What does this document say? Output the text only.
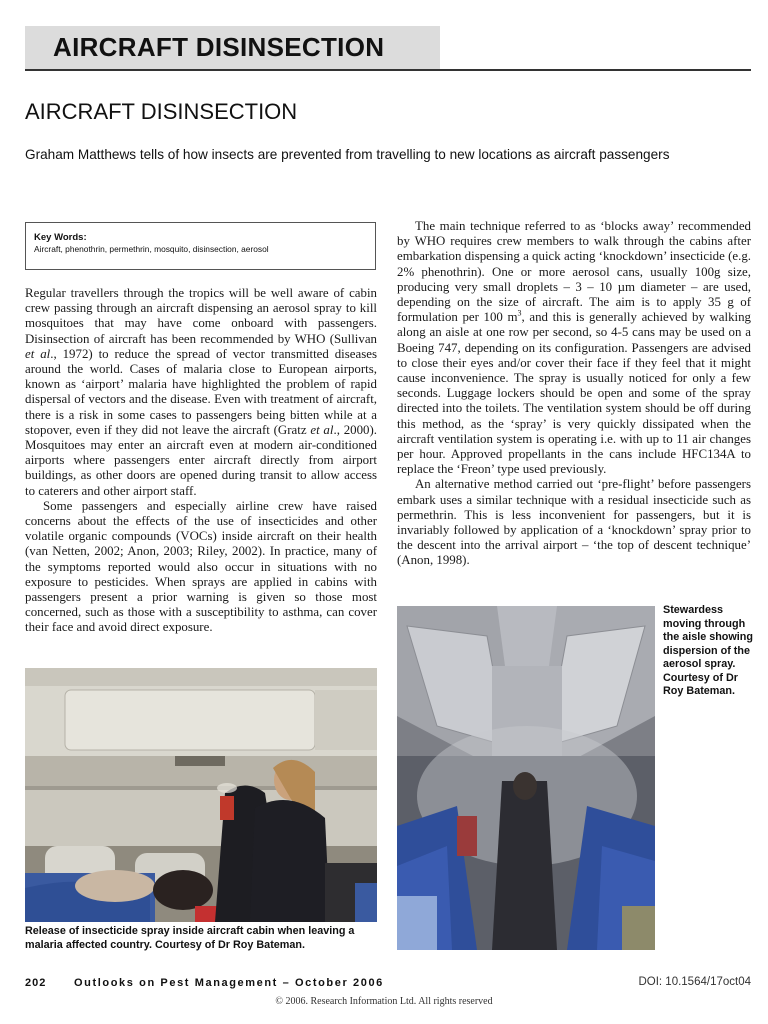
AIRCRAFT DISINSECTION
AIRCRAFT DISINSECTION
Graham Matthews tells of how insects are prevented from travelling to new locations as aircraft passengers
Key Words:
Aircraft, phenothrin, permethrin, mosquito, disinsection, aerosol

Regular travellers through the tropics will be well aware of cabin crew passing through an aircraft dispensing an aerosol spray to kill mosquitoes that may have come onboard with passengers. Disinsection of aircraft has been recommended by WHO (Sullivan et al., 1972) to reduce the spread of vector transmitted diseases around the world. Cases of malaria close to European airports, known as ‘airport’ malaria have highlighted the problem of rapid dispersal of vectors and the disease. Even with treatment of aircraft, there is a risk in some cases to passengers being bitten while at a stopover, even if they did not leave the aircraft (Gratz et al., 2000). Mosquitoes may enter an aircraft even at modern air-conditioned airports where passengers enter aircraft directly from airport buildings, as other doors are opened during transit to allow access to caterers and other airport staff.

Some passengers and especially airline crew have raised concerns about the effects of the use of insecticides and other volatile organic compounds (VOCs) inside aircraft on their health (van Netten, 2002; Anon, 2003; Riley, 2002). In practice, many of the symptoms reported would also occur in situations with no exposure to pesticides. When sprays are applied in cabins with passengers present a prior warning is given so those most concerned, such as those with a susceptibility to asthma, can cover their face and avoid direct exposure.

The main technique referred to as ‘blocks away’ recommended by WHO requires crew members to walk through the cabins after embarkation dispensing a quick acting ‘knockdown’ insecticide (e.g. 2% phenothrin). One or more aerosol cans, usually 100g size, producing very small droplets – 3 – 10 µm diameter – are used, depending on the size of aircraft. The aim is to apply 35 g of formulation per 100 $m^3$, and this is generally achieved by walking along an aisle at one row per second, so 4-5 cans may be used on a Boeing 747, depending on its configuration. Passengers are advised to close their eyes and/or cover their face if they feel that it might cause inconvenience. The spray is usually noticed for only a few seconds. Luggage lockers should be open and some of the spray directed into the toilets. The ventilation system should be off during this method, as the ‘spray’ is very quickly dissipated when the aircraft ventilation system is operating i.e. with up to 11 air changes per hour. Approved propellants in the cans include HFC134A to replace the ‘Freon’ type used previously.

An alternative method carried out ‘pre-flight’ before passengers embark uses a similar technique with a residual insecticide such as permethrin. This is less inconvenient for passengers, but it is invariably followed by application of a ‘knockdown’ spray prior to the descent into the arrival airport – ‘the top of descent technique’ (Anon, 1998).

Release of insecticide spray inside aircraft cabin when leaving a malaria affected country. Courtesy of Dr Roy Bateman.
Stewardess moving through the aisle showing dispersion of the aerosol spray. Courtesy of Dr Roy Bateman.
202	Outlooks on Pest Management – October 2006	DOI: 10.1564/17oct04
© 2006. Research Information Ltd. All rights reserved
